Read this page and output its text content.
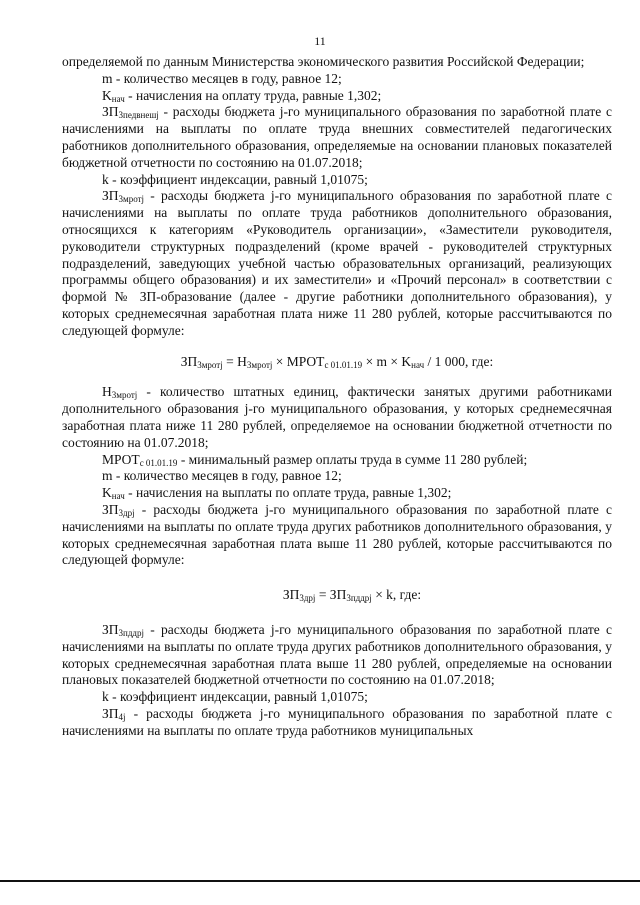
11

определяемой по данным Министерства экономического развития Российской Федерации;

m - количество месяцев в году, равное 12;

$K_{нач}$ - начисления на оплату труда, равные 1,302;

$ЗП_{3педвнешj}$ - расходы бюджета j-го муниципального образования по заработной плате с начислениями на выплаты по оплате труда внешних совместителей педагогических работников дополнительного образования, определяемые на основании плановых показателей бюджетной отчетности по состоянию на 01.07.2018;

k - коэффициент индексации, равный 1,01075;

$ЗП_{3мротj}$ - расходы бюджета j-го муниципального образования по заработной плате с начислениями на выплаты по оплате труда работников дополнительного образования, относящихся к категориям «Руководитель организации», «Заместители руководителя, руководители структурных подразделений (кроме врачей - руководителей структурных подразделений, заведующих учебной частью образовательных организаций, реализующих программы общего образования) и их заместители» и «Прочий персонал» в соответствии с формой № ЗП-образование (далее - другие работники дополнительного образования), у которых среднемесячная заработная плата ниже 11 280 рублей, которые рассчитываются по следующей формуле:

$ЗП_{3мротj} = Н_{3мротj}$ × $МРОТ_{с 01.01.19} \times m \times K_{нач} / 1$ 000, где:

$Н_{3мротj}$ - количество штатных единиц, фактически занятых другими работниками дополнительного образования j-го муниципального образования, у которых среднемесячная заработная плата ниже 11 280 рублей, определяемое на основании бюджетной отчетности по состоянию на 01.07.2018;

$МРОТ_{с 01.01.19}$ - минимальный размер оплаты труда в сумме 11 280 рублей;

m - количество месяцев в году, равное 12;

$K_{нач}$ - начисления на выплаты по оплате труда, равные 1,302;

$ЗП_{3дрj}$ - расходы бюджета j-го муниципального образования по заработной плате с начислениями на выплаты по оплате труда других работников дополнительного образования, у которых среднемесячная заработная плата выше 11 280 рублей, которые рассчитываются по следующей формуле:

$ЗП_{3дрj} = ЗП_{3пддрj} \times k$, где:

$ЗП_{3пддрj}$ - расходы бюджета j-го муниципального образования по заработной плате с начислениями на выплаты по оплате труда других работников дополнительного образования, у которых среднемесячная заработная плата выше 11 280 рублей, определяемые на основании плановых показателей бюджетной отчетности по состоянию на 01.07.2018;

k - коэффициент индексации, равный 1,01075;

$ЗП_{4j}$ - расходы бюджета j-го муниципального образования по заработной плате с начислениями на выплаты по оплате труда работников муниципальных
